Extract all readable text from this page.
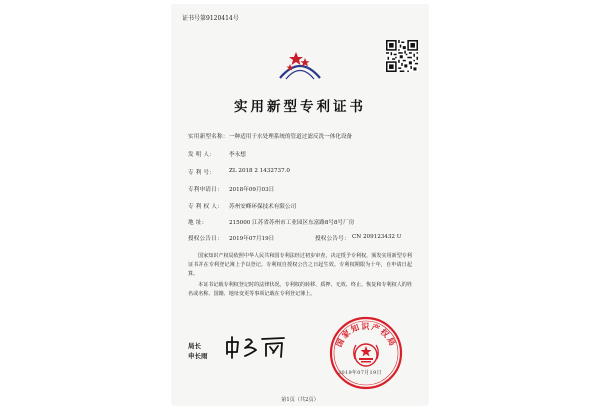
证书号第9120414号
实用新型专利证书
实用新型名称： 一种适用于水处理系统的管道过滤反洗一体化设备
发 明 人： 李永想
专 利 号： ZL 2018 2 1432737.0
专利申请日： 2018年09月03日
专 利 权 人： 苏州安峰环保技术有限公司
地 址：	215000 江苏省苏州市工业园区东富路8号8号厂房
授权公告日： 2019年07月19日	授权公告号： CN 209123432 U
国家知识产权局依照中华人民共和国专利法经过初步审查，决定授予专利权，颁发实用新型专利证书并在专利登记簿上予以登记。专利权自授权公告之日起生效。专利权期限为十年，自申请日起算。
本证书记载专利权登记时的法律状况。专利权的转移、质押、无效、终止、恢复和专利权人的姓名或名称、国籍、地址变更等事项记载在专利登记簿上。
局长
申长雨
国家知识产权局
2019年07月19日
第1页（共2页）
